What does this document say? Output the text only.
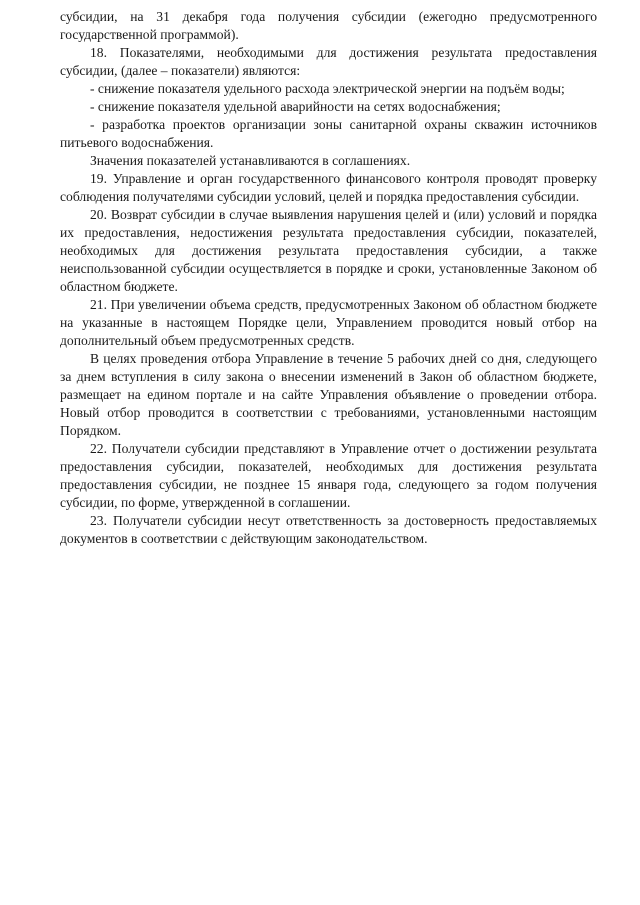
субсидии, на 31 декабря года получения субсидии (ежегодно предусмотренного государственной программой).

18. Показателями, необходимыми для достижения результата предоставления субсидии, (далее – показатели) являются:

- снижение показателя удельного расхода электрической энергии на подъём воды;

- снижение показателя удельной аварийности на сетях водоснабжения;

- разработка проектов организации зоны санитарной охраны скважин источников питьевого водоснабжения.

Значения показателей устанавливаются в соглашениях.

19. Управление и орган государственного финансового контроля проводят проверку соблюдения получателями субсидии условий, целей и порядка предоставления субсидии.

20. Возврат субсидии в случае выявления нарушения целей и (или) условий и порядка их предоставления, недостижения результата предоставления субсидии, показателей, необходимых для достижения результата предоставления субсидии, а также неиспользованной субсидии осуществляется в порядке и сроки, установленные Законом об областном бюджете.

21. При увеличении объема средств, предусмотренных Законом об областном бюджете на указанные в настоящем Порядке цели, Управлением проводится новый отбор на дополнительный объем предусмотренных средств.

В целях проведения отбора Управление в течение 5 рабочих дней со дня, следующего за днем вступления в силу закона о внесении изменений в Закон об областном бюджете, размещает на едином портале и на сайте Управления объявление о проведении отбора. Новый отбор проводится в соответствии с требованиями, установленными настоящим Порядком.

22. Получатели субсидии представляют в Управление отчет о достижении результата предоставления субсидии, показателей, необходимых для достижения результата предоставления субсидии, не позднее 15 января года, следующего за годом получения субсидии, по форме, утвержденной в соглашении.

23. Получатели субсидии несут ответственность за достоверность предоставляемых документов в соответствии с действующим законодательством.
